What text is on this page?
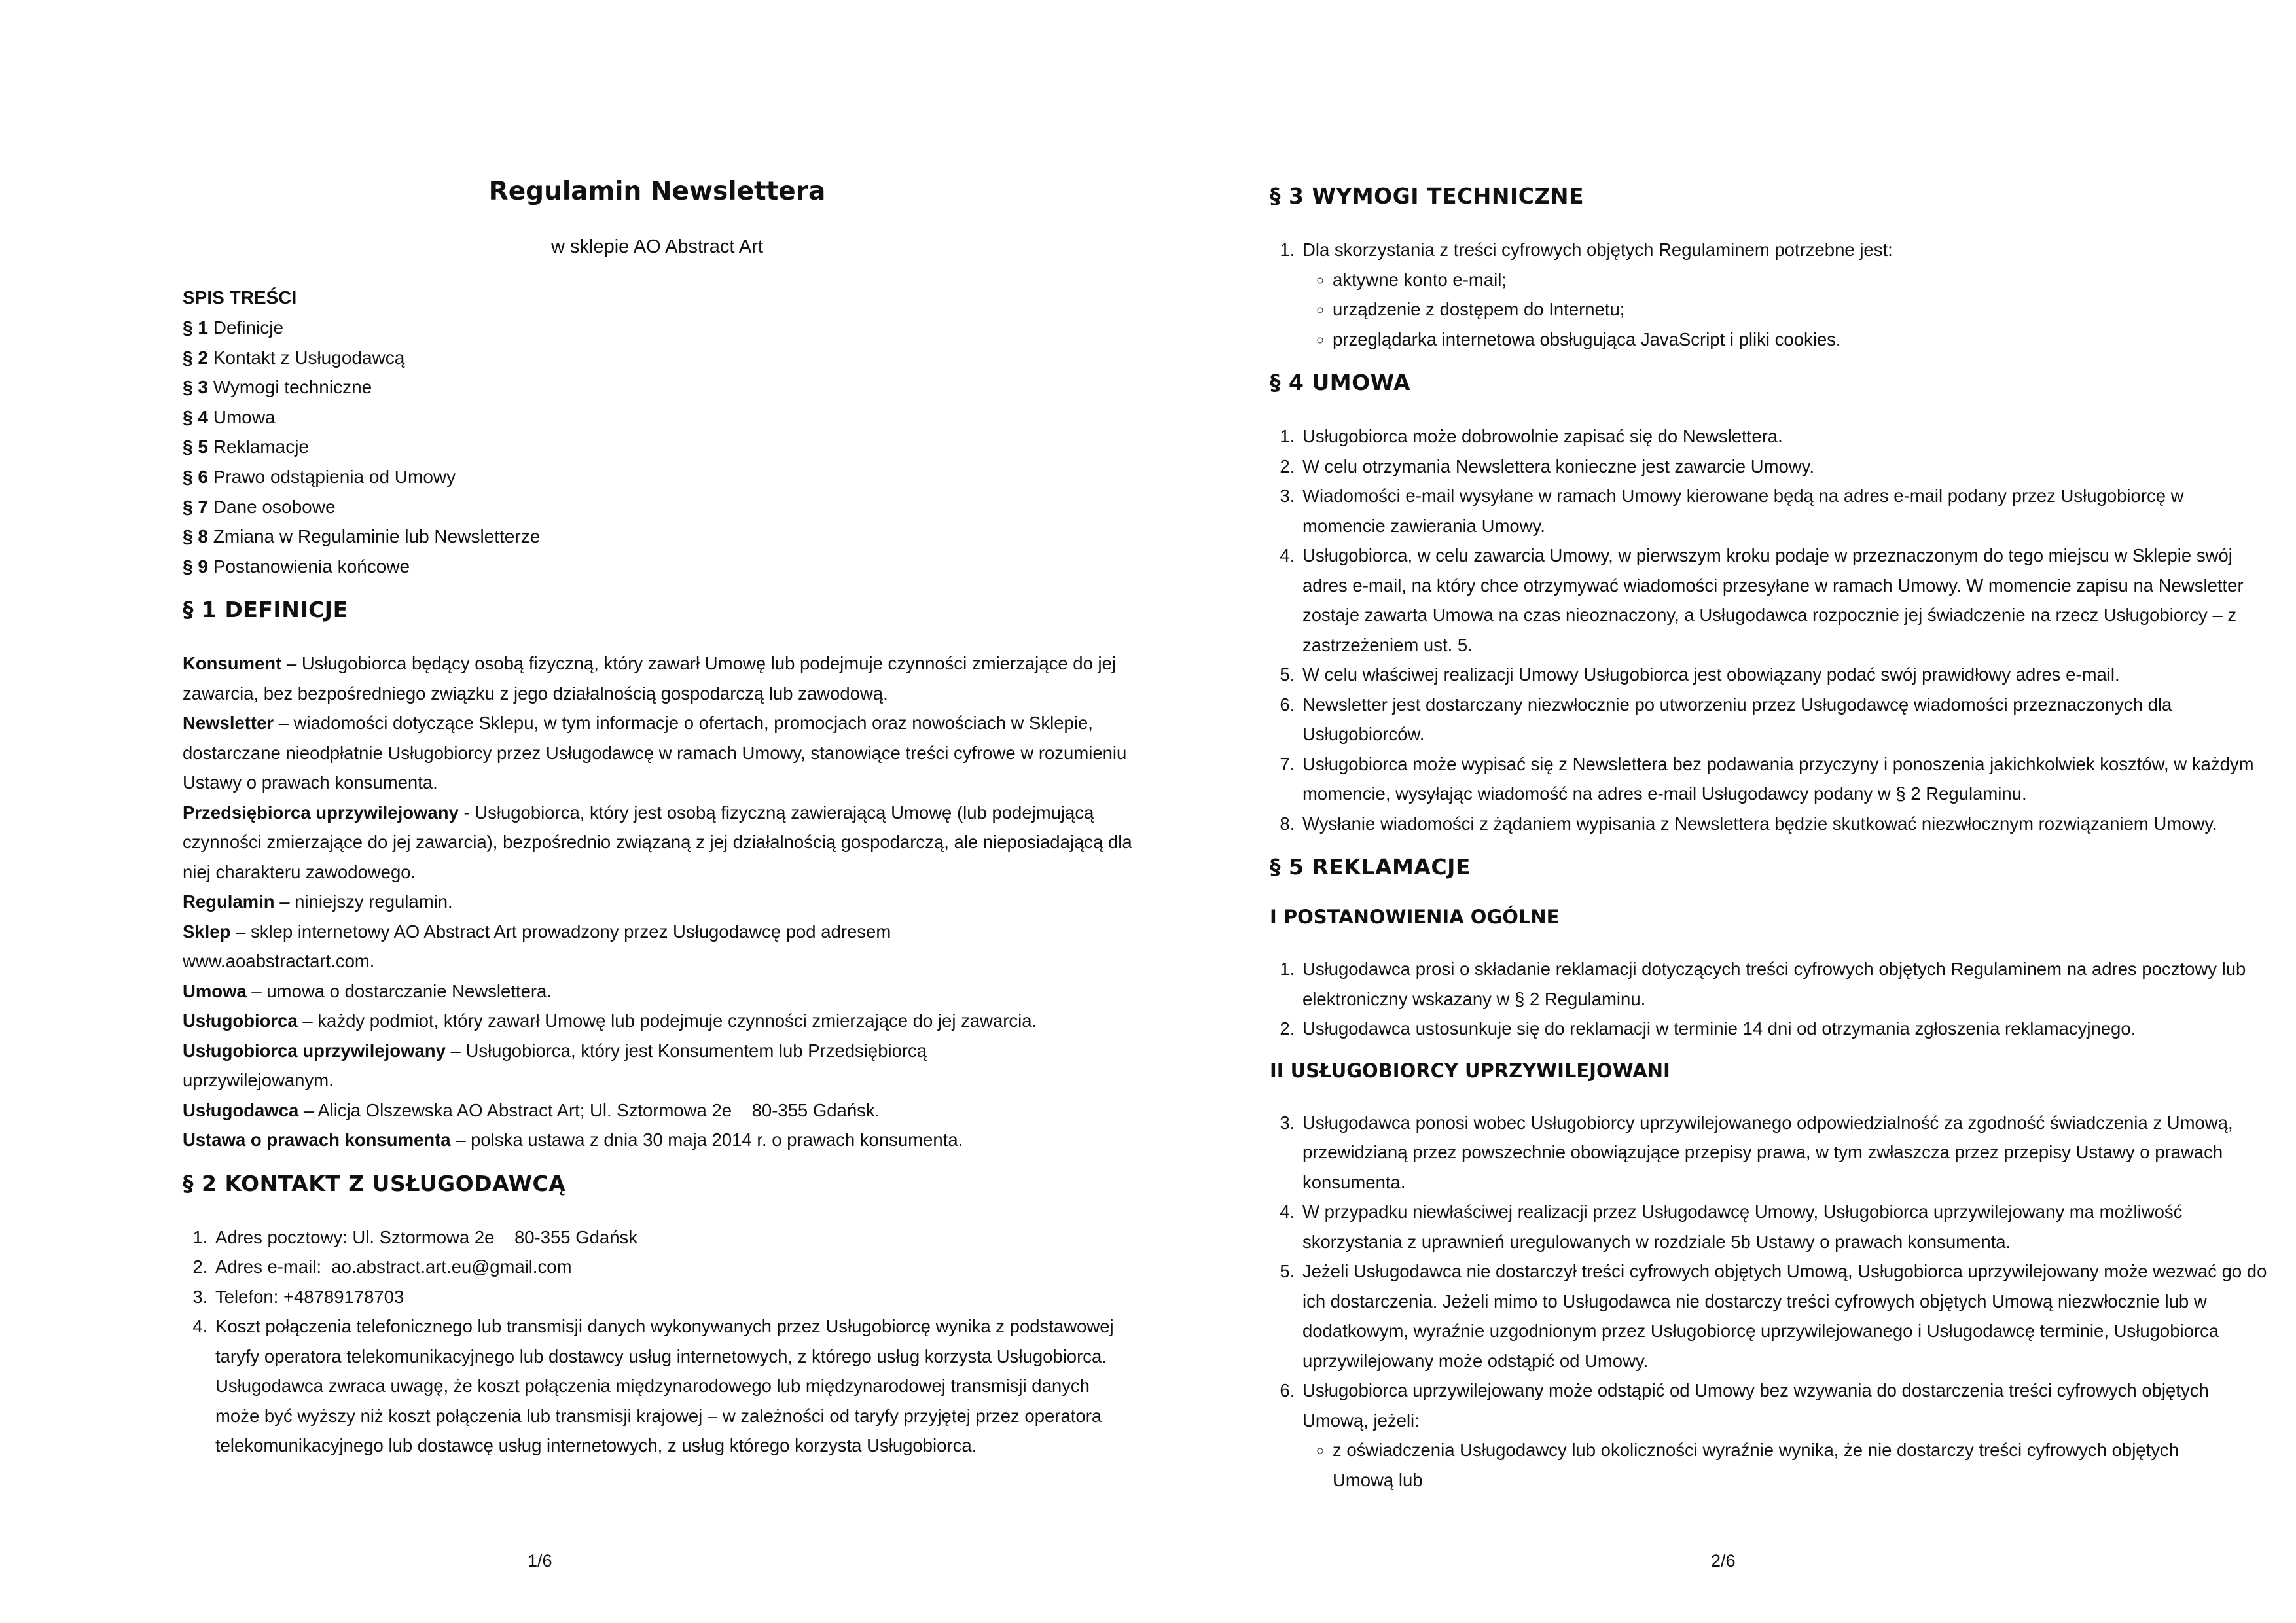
Regulamin Newslettera

w sklepie AO Abstract Art

SPIS TREŚCI

§ 1 Definicje

§ 2 Kontakt z Usługodawcą

§ 3 Wymogi techniczne

§ 4 Umowa

§ 5 Reklamacje

§ 6 Prawo odstąpienia od Umowy

§ 7 Dane osobowe

§ 8 Zmiana w Regulaminie lub Newsletterze

§ 9 Postanowienia końcowe

§ 1 DEFINICJE

Konsument – Usługobiorca będący osobą fizyczną, który zawarł Umowę lub podejmuje czynności zmierzające do jej zawarcia, bez bezpośredniego związku z jego działalnością gospodarczą lub zawodową.

Newsletter – wiadomości dotyczące Sklepu, w tym informacje o ofertach, promocjach oraz nowościach w Sklepie, dostarczane nieodpłatnie Usługobiorcy przez Usługodawcę w ramach Umowy, stanowiące treści cyfrowe w rozumieniu Ustawy o prawach konsumenta.

Przedsiębiorca uprzywilejowany - Usługobiorca, który jest osobą fizyczną zawierającą Umowę (lub podejmującą czynności zmierzające do jej zawarcia), bezpośrednio związaną z jej działalnością gospodarczą, ale nieposiadającą dla niej charakteru zawodowego.

Regulamin – niniejszy regulamin.

Sklep – sklep internetowy AO Abstract Art prowadzony przez Usługodawcę pod adresem www.aoabstractart.com.

Umowa – umowa o dostarczanie Newslettera.

Usługobiorca – każdy podmiot, który zawarł Umowę lub podejmuje czynności zmierzające do jej zawarcia.

Usługobiorca uprzywilejowany – Usługobiorca, który jest Konsumentem lub Przedsiębiorcą uprzywilejowanym.

Usługodawca – Alicja Olszewska AO Abstract Art; Ul. Sztormowa 2e    80-355 Gdańsk.

Ustawa o prawach konsumenta – polska ustawa z dnia 30 maja 2014 r. o prawach konsumenta.

§ 2 KONTAKT Z USŁUGODAWCĄ
1. Adres pocztowy: Ul. Sztormowa 2e    80-355 Gdańsk
2. Adres e-mail:  ao.abstract.art.eu@gmail.com
3. Telefon: +48789178703
4. Koszt połączenia telefonicznego lub transmisji danych wykonywanych przez Usługobiorcę wynika z podstawowej taryfy operatora telekomunikacyjnego lub dostawcy usług internetowych, z którego usług korzysta Usługobiorca. Usługodawca zwraca uwagę, że koszt połączenia międzynarodowego lub międzynarodowej transmisji danych może być wyższy niż koszt połączenia lub transmisji krajowej – w zależności od taryfy przyjętej przez operatora telekomunikacyjnego lub dostawcę usług internetowych, z usług którego korzysta Usługobiorca.
1/6
§ 3 WYMOGI TECHNICZNE
1. Dla skorzystania z treści cyfrowych objętych Regulaminem potrzebne jest:
◦ aktywne konto e-mail;
◦ urządzenie z dostępem do Internetu;
◦ przeglądarka internetowa obsługująca JavaScript i pliki cookies.
§ 4 UMOWA
1. Usługobiorca może dobrowolnie zapisać się do Newslettera.
2. W celu otrzymania Newslettera konieczne jest zawarcie Umowy.
3. Wiadomości e-mail wysyłane w ramach Umowy kierowane będą na adres e-mail podany przez Usługobiorcę w momencie zawierania Umowy.
4. Usługobiorca, w celu zawarcia Umowy, w pierwszym kroku podaje w przeznaczonym do tego miejscu w Sklepie swój adres e-mail, na który chce otrzymywać wiadomości przesyłane w ramach Umowy. W momencie zapisu na Newsletter zostaje zawarta Umowa na czas nieoznaczony, a Usługodawca rozpocznie jej świadczenie na rzecz Usługobiorcy – z zastrzeżeniem ust. 5.
5. W celu właściwej realizacji Umowy Usługobiorca jest obowiązany podać swój prawidłowy adres e-mail.
6. Newsletter jest dostarczany niezwłocznie po utworzeniu przez Usługodawcę wiadomości przeznaczonych dla Usługobiorców.
7. Usługobiorca może wypisać się z Newslettera bez podawania przyczyny i ponoszenia jakichkolwiek kosztów, w każdym momencie, wysyłając wiadomość na adres e-mail Usługodawcy podany w § 2 Regulaminu.
8. Wysłanie wiadomości z żądaniem wypisania z Newslettera będzie skutkować niezwłocznym rozwiązaniem Umowy.
§ 5 REKLAMACJE
I POSTANOWIENIA OGÓLNE
1. Usługodawca prosi o składanie reklamacji dotyczących treści cyfrowych objętych Regulaminem na adres pocztowy lub elektroniczny wskazany w § 2 Regulaminu.
2. Usługodawca ustosunkuje się do reklamacji w terminie 14 dni od otrzymania zgłoszenia reklamacyjnego.
II USŁUGOBIORCY UPRZYWILEJOWANI
3. Usługodawca ponosi wobec Usługobiorcy uprzywilejowanego odpowiedzialność za zgodność świadczenia z Umową, przewidzianą przez powszechnie obowiązujące przepisy prawa, w tym zwłaszcza przez przepisy Ustawy o prawach konsumenta.
4. W przypadku niewłaściwej realizacji przez Usługodawcę Umowy, Usługobiorca uprzywilejowany ma możliwość skorzystania z uprawnień uregulowanych w rozdziale 5b Ustawy o prawach konsumenta.
5. Jeżeli Usługodawca nie dostarczył treści cyfrowych objętych Umową, Usługobiorca uprzywilejowany może wezwać go do ich dostarczenia. Jeżeli mimo to Usługodawca nie dostarczy treści cyfrowych objętych Umową niezwłocznie lub w dodatkowym, wyraźnie uzgodnionym przez Usługobiorcę uprzywilejowanego i Usługodawcę terminie, Usługobiorca uprzywilejowany może odstąpić od Umowy.
6. Usługobiorca uprzywilejowany może odstąpić od Umowy bez wzywania do dostarczenia treści cyfrowych objętych Umową, jeżeli:
◦ z oświadczenia Usługodawcy lub okoliczności wyraźnie wynika, że nie dostarczy treści cyfrowych objętych Umową lub
2/6
